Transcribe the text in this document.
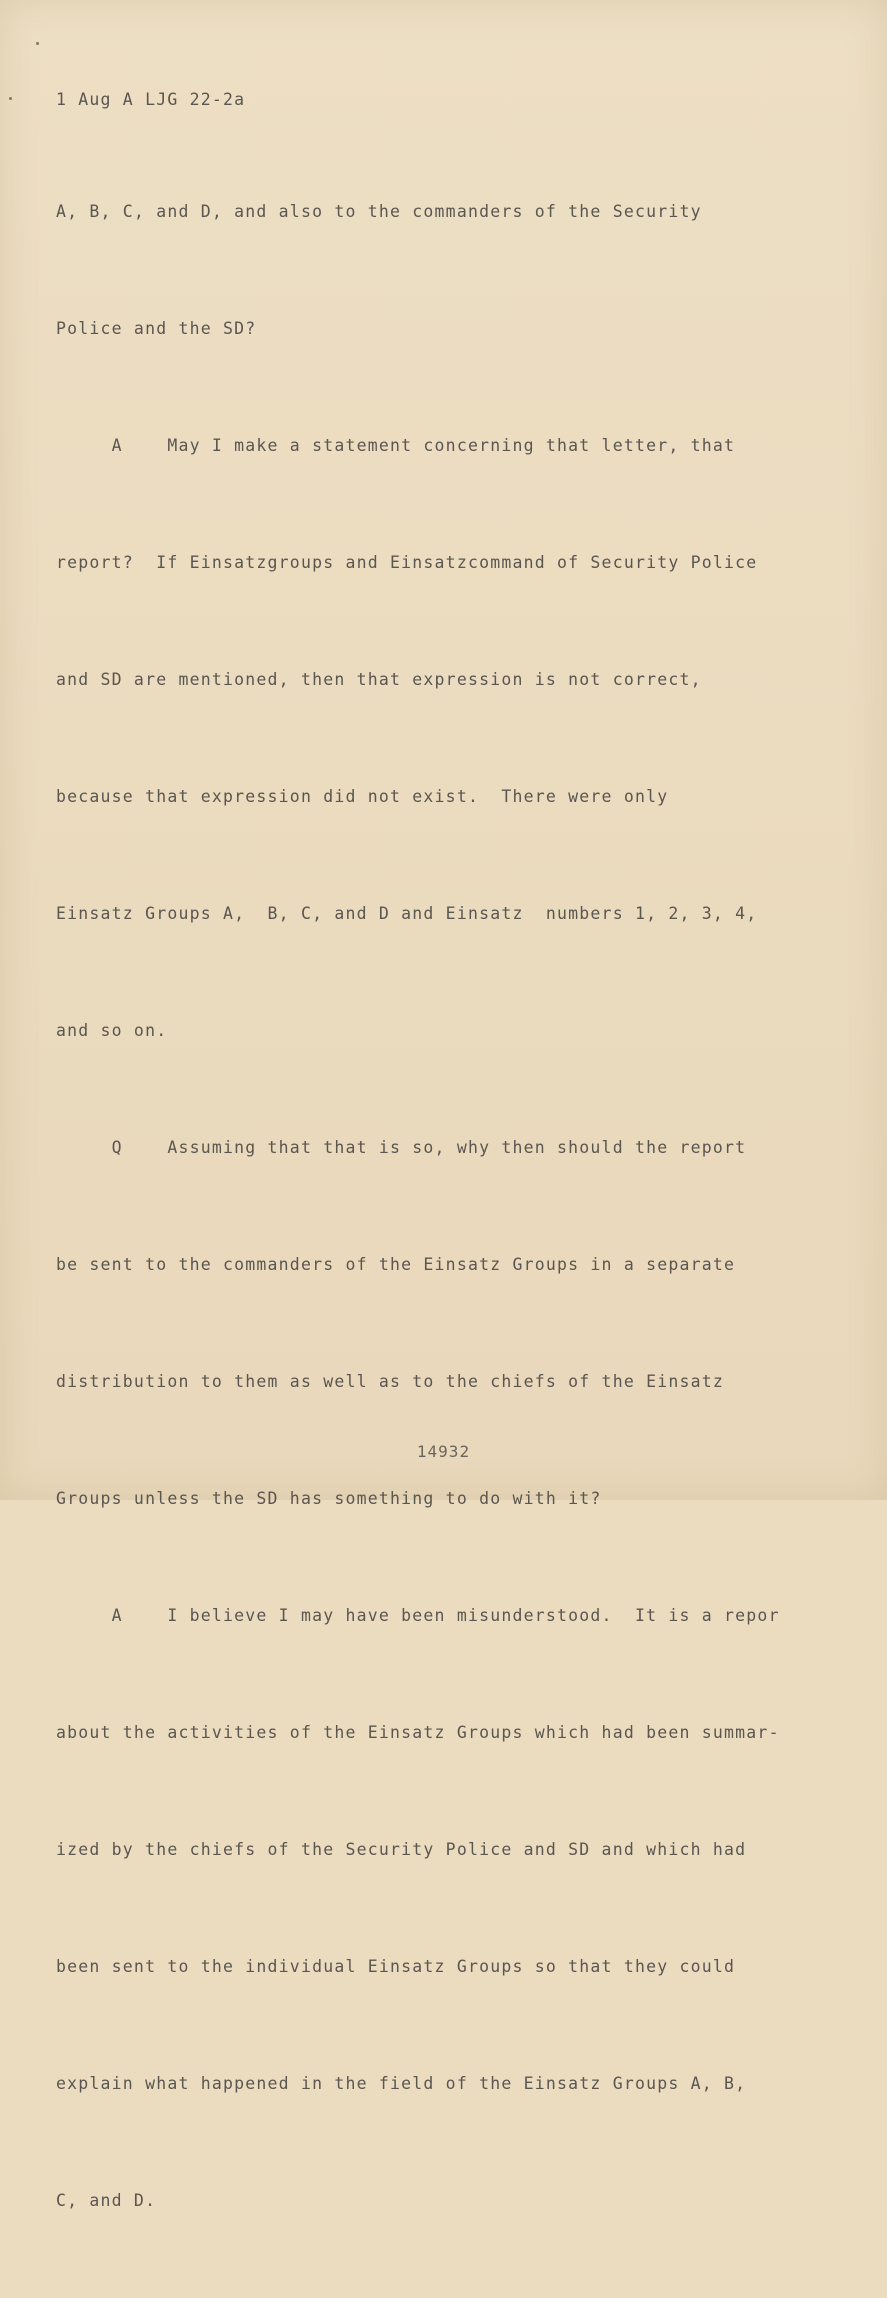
1 Aug A LJG 22-2a

A, B, C, and D, and also to the commanders of the Security

Police and the SD?

A    May I make a statement concerning that letter, that

report?  If Einsatzgroups and Einsatzcommand of Security Police

and SD are mentioned, then that expression is not correct,

because that expression did not exist.  There were only

Einsatz Groups A,  B, C, and D and Einsatz  numbers 1, 2, 3, 4,

and so on.

Q    Assuming that that is so, why then should the report

be sent to the commanders of the Einsatz Groups in a separate

distribution to them as well as to the chiefs of the Einsatz

Groups unless the SD has something to do with it?

A    I believe I may have been misunderstood.  It is a repor

about the activities of the Einsatz Groups which had been summar-

ized by the chiefs of the Security Police and SD and which had

been sent to the individual Einsatz Groups so that they could

explain what happened in the field of the Einsatz Groups A, B,

C, and D.

14932
